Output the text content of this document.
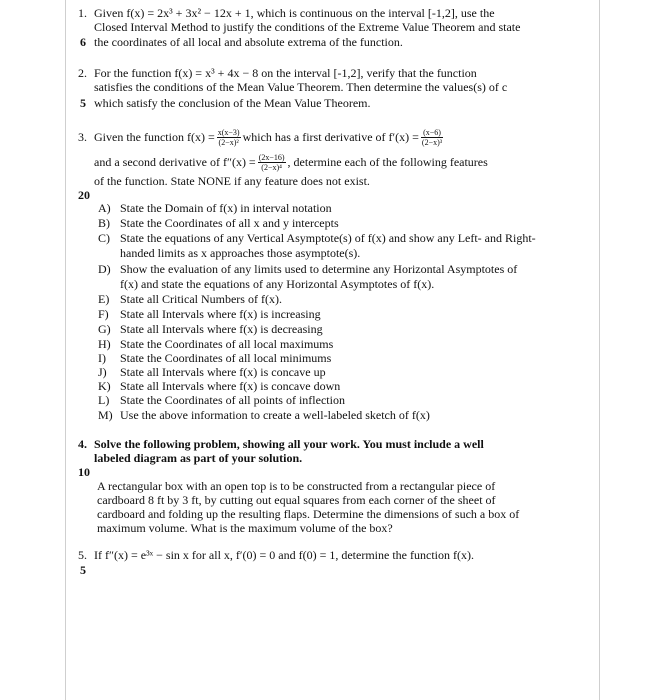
1. Given f(x) = 2x³ + 3x² − 12x + 1, which is continuous on the interval [-1,2], use the
Closed Interval Method to justify the conditions of the Extreme Value Theorem and state
6 the coordinates of all local and absolute extrema of the function.
2. For the function f(x) = x³ + 4x − 8 on the interval [-1,2], verify that the function
satisfies the conditions of the Mean Value Theorem. Then determine the values(s) of c
5 which satisfy the conclusion of the Mean Value Theorem.
3. Given the function $f(x) = \frac{x(x-3)}{\text{(2−x)²}}$ which has a first derivative of $f'(x) = \frac{(x-6)}{\text{(2−x)³}}$
and a second derivative of $f''(x) = \frac{(2x-16)}{\text{(2−x)⁴}}$ , determine each of the following features
of the function. State NONE if any feature does not exist.
20
A) State the Domain of f(x) in interval notation
B) State the Coordinates of all x and y intercepts
C) State the equations of any Vertical Asymptote(s) of f(x) and show any Left- and Right-
handed limits as x approaches those asymptote(s).
D) Show the evaluation of any limits used to determine any Horizontal Asymptotes of
f(x) and state the equations of any Horizontal Asymptotes of f(x).
E) State all Critical Numbers of f(x).
F) State all Intervals where f(x) is increasing
G) State all Intervals where f(x) is decreasing
H) State the Coordinates of all local maximums
I) State the Coordinates of all local minimums
J) State all Intervals where f(x) is concave up
K) State all Intervals where f(x) is concave down
L) State the Coordinates of all points of inflection
M) Use the above information to create a well-labeled sketch of f(x)
4. Solve the following problem, showing all your work. You must include a well
labeled diagram as part of your solution.
10
A rectangular box with an open top is to be constructed from a rectangular piece of
cardboard 8 ft by 3 ft, by cutting out equal squares from each corner of the sheet of
cardboard and folding up the resulting flaps. Determine the dimensions of such a box of
maximum volume. What is the maximum volume of the box?
5. If f″(x) = e³ˣ − sin x for all x, f′(0) = 0 and f(0) = 1, determine the function f(x).
5
